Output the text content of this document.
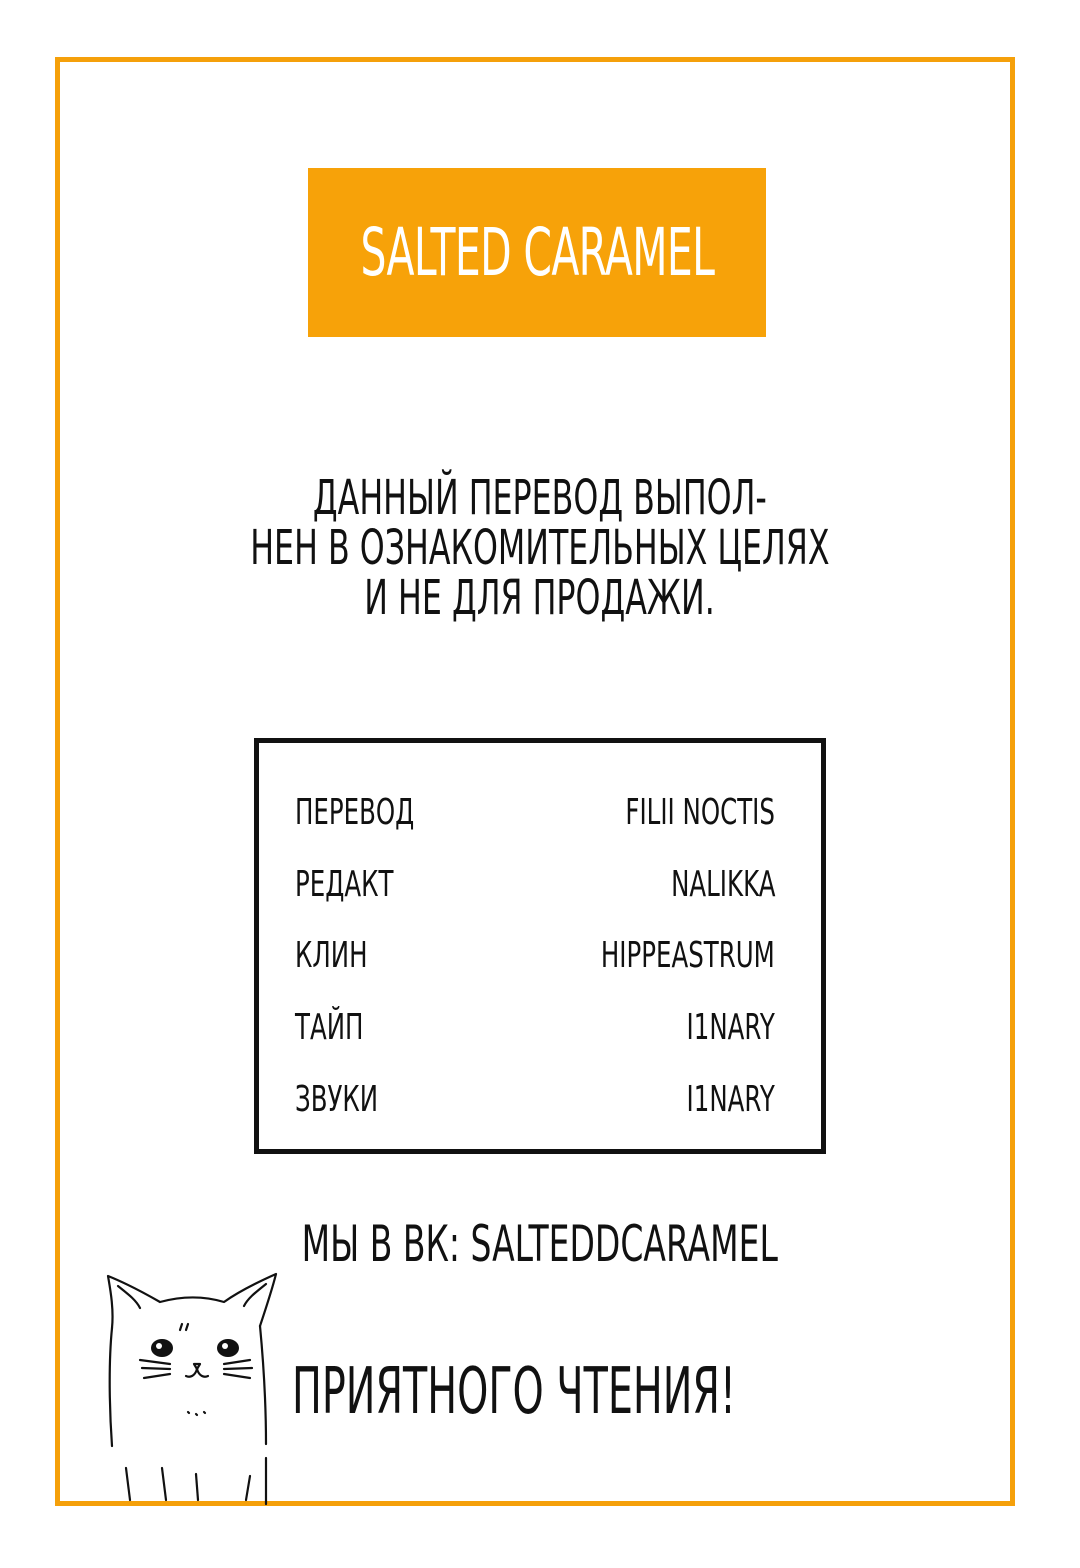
SALTED CARAMEL
ДАННЫЙ ПЕРЕВОД ВЫПОЛ-
НЕН В ОЗНАКОМИТЕЛЬНЫХ ЦЕЛЯХ
И НЕ ДЛЯ ПРОДАЖИ.
ПЕРЕВОД	FILII NOCTIS
РЕДАКТ	NALIKKA
КЛИН	HIPPEASTRUM
ТАЙП	I1NARY
ЗВУКИ	I1NARY
МЫ В ВК: SALTEDDCARAMEL
ПРИЯТНОГО ЧТЕНИЯ!
